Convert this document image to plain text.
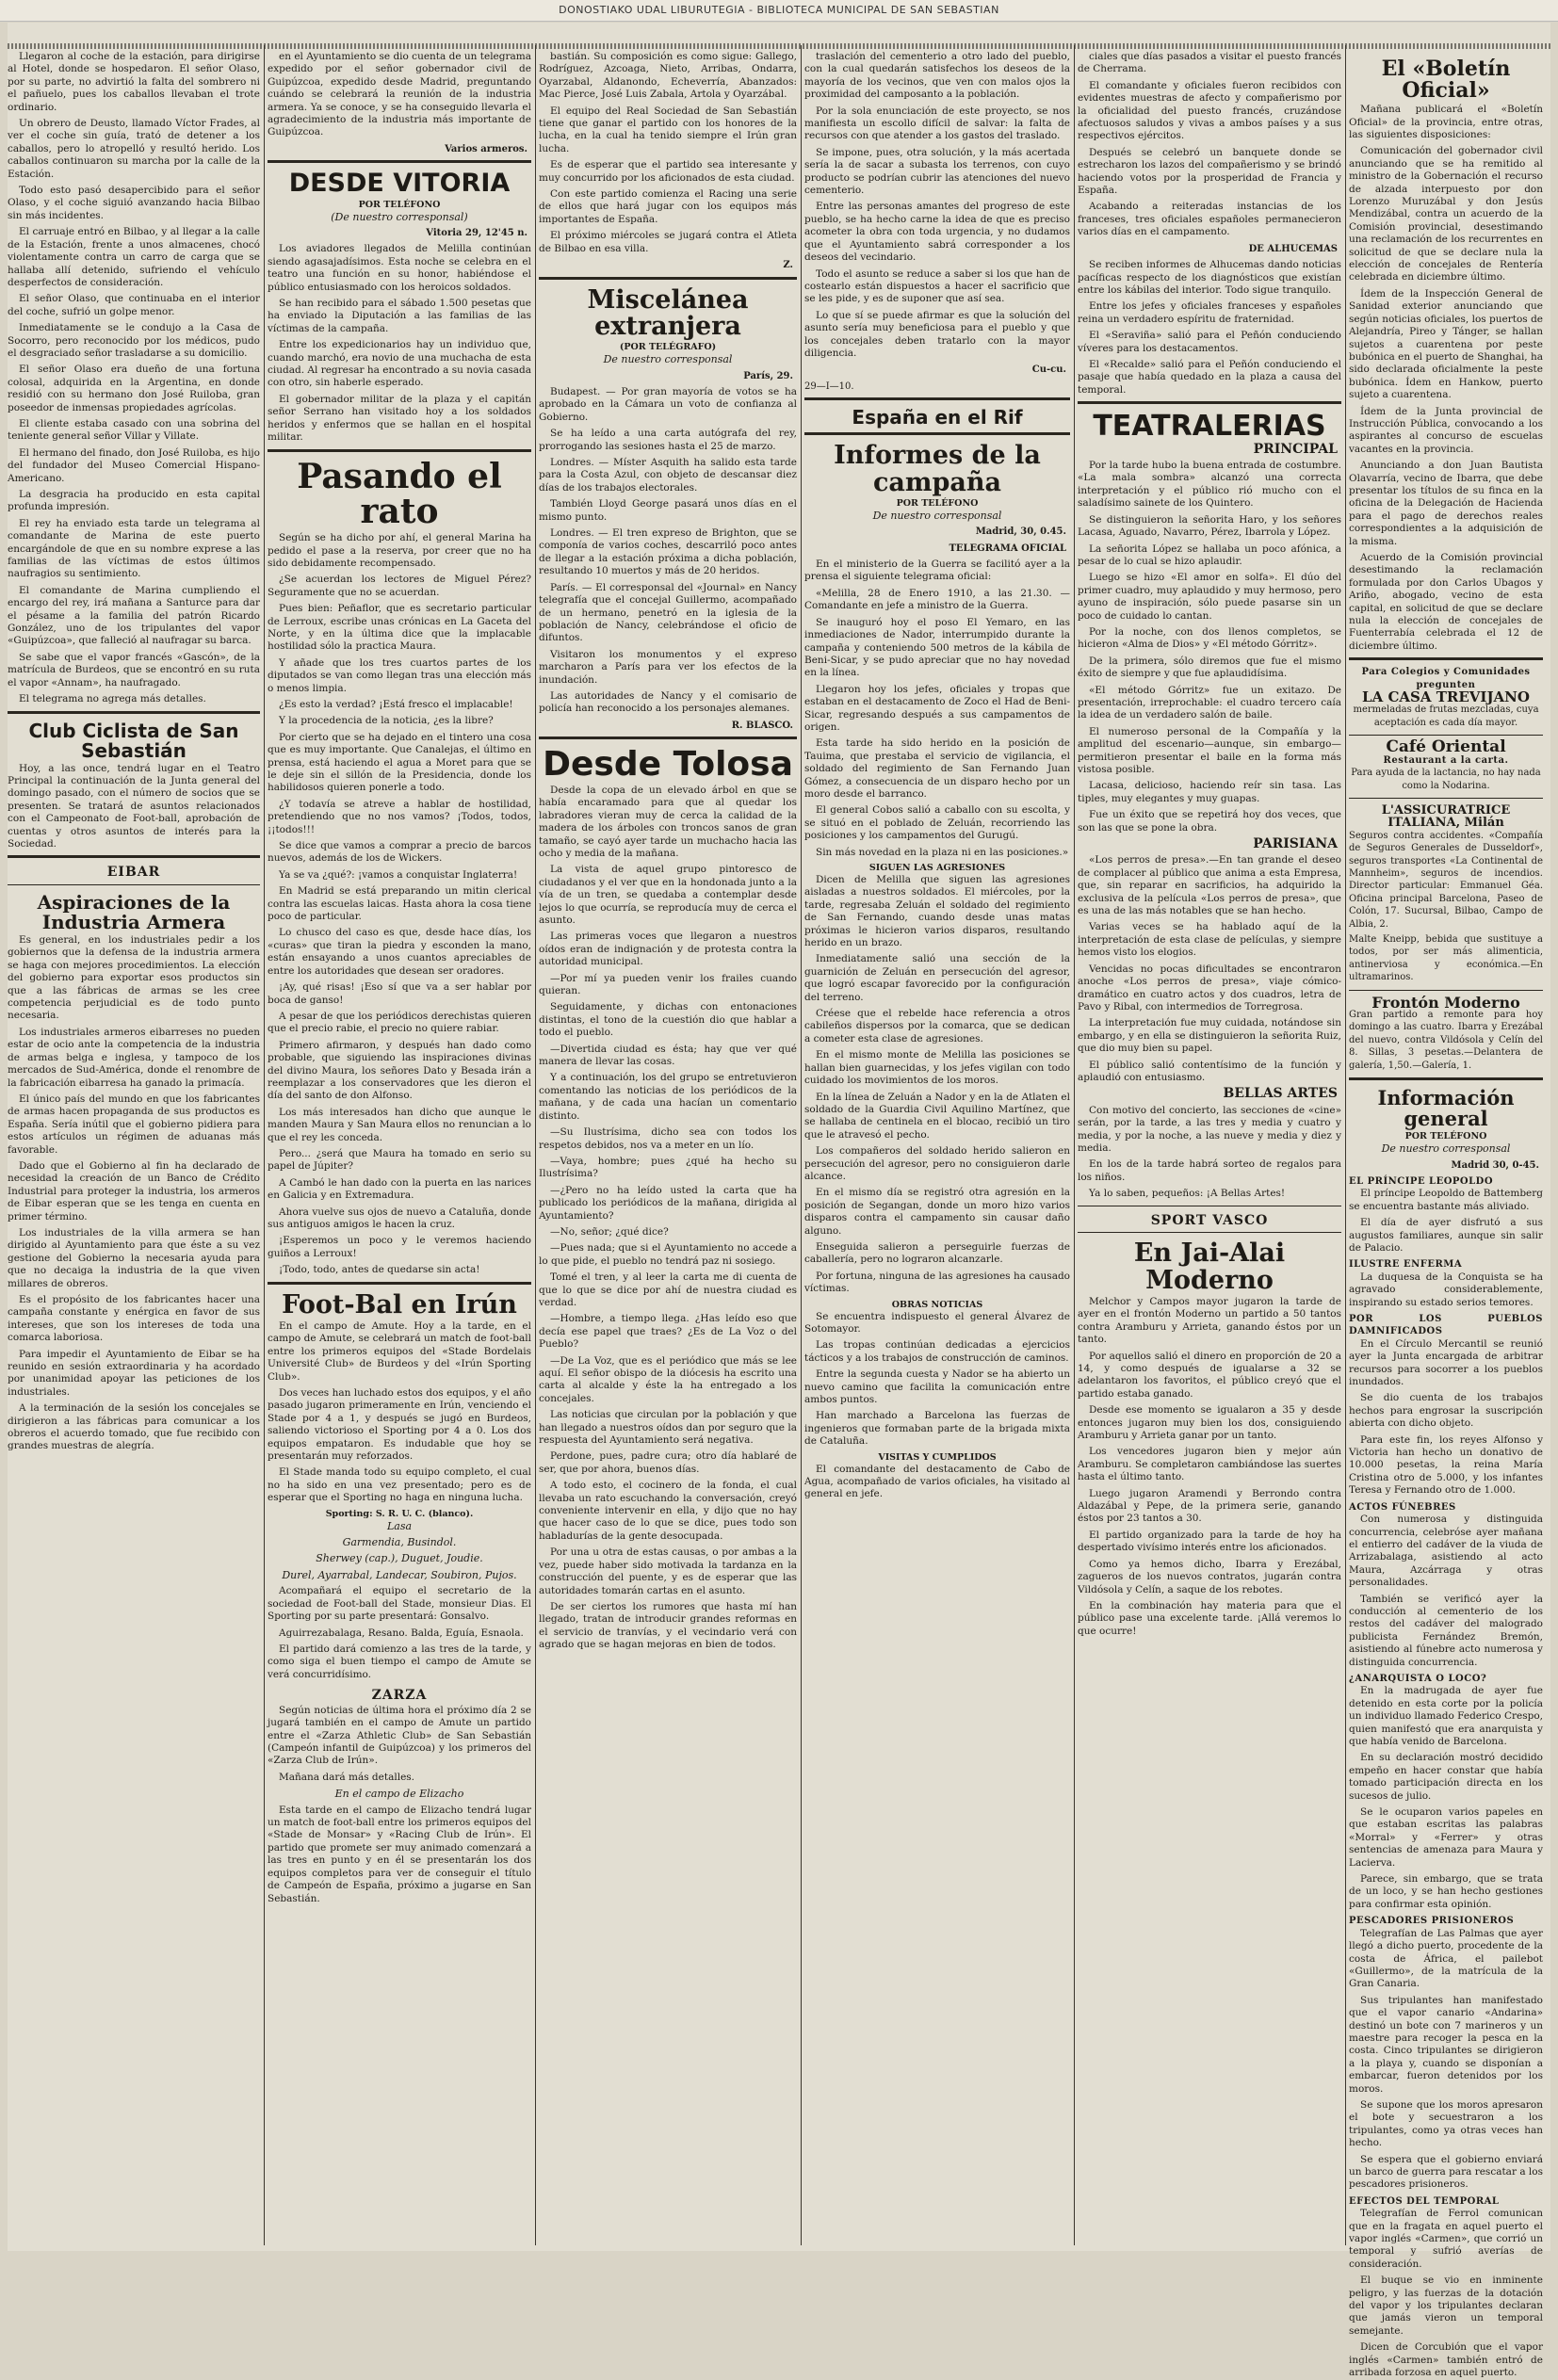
DONOSTIAKO UDAL LIBURUTEGIA - BIBLIOTECA MUNICIPAL DE SAN SEBASTIAN

Llegaron al coche de la estación, para dirigirse al Hotel, donde se hospedaron. El señor Olaso, por su parte, no advirtió la falta del sombrero ni el pañuelo, pues los caballos llevaban el trote ordinario.

Un obrero de Deusto, llamado Víctor Frades, al ver el coche sin guía, trató de detener a los caballos, pero lo atropelló y resultó herido. Los caballos continuaron su marcha por la calle de la Estación.

Todo esto pasó desapercibido para el señor Olaso, y el coche siguió avanzando hacia Bilbao sin más incidentes.

El carruaje entró en Bilbao, y al llegar a la calle de la Estación, frente a unos almacenes, chocó violentamente contra un carro de carga que se hallaba allí detenido, sufriendo el vehículo desperfectos de consideración.

El señor Olaso, que continuaba en el interior del coche, sufrió un golpe menor.

Inmediatamente se le condujo a la Casa de Socorro, pero reconocido por los médicos, pudo el desgraciado señor trasladarse a su domicilio.

El señor Olaso era dueño de una fortuna colosal, adquirida en la Argentina, en donde residió con su hermano don José Ruiloba, gran poseedor de inmensas propiedades agrícolas.

El cliente estaba casado con una sobrina del teniente general señor Villar y Villate.

El hermano del finado, don José Ruiloba, es hijo del fundador del Museo Comercial Hispano-Americano.

La desgracia ha producido en esta capital profunda impresión.

El rey ha enviado esta tarde un telegrama al comandante de Marina de este puerto encargándole de que en su nombre exprese a las familias de las víctimas de estos últimos naufragios su sentimiento.

El comandante de Marina cumpliendo el encargo del rey, irá mañana a Santurce para dar el pésame a la familia del patrón Ricardo González, uno de los tripulantes del vapor «Guipúzcoa», que falleció al naufragar su barca.

Se sabe que el vapor francés «Gascón», de la matrícula de Burdeos, que se encontró en su ruta el vapor «Annam», ha naufragado.

El telegrama no agrega más detalles.

Club Ciclista de San Sebastián

Hoy, a las once, tendrá lugar en el Teatro Principal la continuación de la Junta general del domingo pasado, con el número de socios que se presenten. Se tratará de asuntos relacionados con el Campeonato de Foot-ball, aprobación de cuentas y otros asuntos de interés para la Sociedad.

EIBAR
Aspiraciones de la Industria Armera

Es general, en los industriales pedir a los gobiernos que la defensa de la industria armera se haga con mejores procedimientos. La elección del gobierno para exportar esos productos sin que a las fábricas de armas se les cree competencia perjudicial es de todo punto necesaria.

Los industriales armeros eibarreses no pueden estar de ocio ante la competencia de la industria de armas belga e inglesa, y tampoco de los mercados de Sud-América, donde el renombre de la fabricación eibarresa ha ganado la primacía.

El único país del mundo en que los fabricantes de armas hacen propaganda de sus productos es España. Sería inútil que el gobierno pidiera para estos artículos un régimen de aduanas más favorable.

Dado que el Gobierno al fin ha declarado de necesidad la creación de un Banco de Crédito Industrial para proteger la industria, los armeros de Eibar esperan que se les tenga en cuenta en primer término.

Los industriales de la villa armera se han dirigido al Ayuntamiento para que éste a su vez gestione del Gobierno la necesaria ayuda para que no decaiga la industria de la que viven millares de obreros.

Es el propósito de los fabricantes hacer una campaña constante y enérgica en favor de sus intereses, que son los intereses de toda una comarca laboriosa.

Para impedir el Ayuntamiento de Eibar se ha reunido en sesión extraordinaria y ha acordado por unanimidad apoyar las peticiones de los industriales.

A la terminación de la sesión los concejales se dirigieron a las fábricas para comunicar a los obreros el acuerdo tomado, que fue recibido con grandes muestras de alegría.

en el Ayuntamiento se dio cuenta de un telegrama expedido por el señor gobernador civil de Guipúzcoa, expedido desde Madrid, preguntando cuándo se celebrará la reunión de la industria armera. Ya se conoce, y se ha conseguido llevarla el agradecimiento de la industria más importante de Guipúzcoa.

Varios armeros.
DESDE VITORIA
POR TELÉFONO
(De nuestro corresponsal)
Vitoria 29, 12'45 n.

Los aviadores llegados de Melilla continúan siendo agasajadísimos. Esta noche se celebra en el teatro una función en su honor, habiéndose el público entusiasmado con los heroicos soldados.

Se han recibido para el sábado 1.500 pesetas que ha enviado la Diputación a las familias de las víctimas de la campaña.

Entre los expedicionarios hay un individuo que, cuando marchó, era novio de una muchacha de esta ciudad. Al regresar ha encontrado a su novia casada con otro, sin haberle esperado.

El gobernador militar de la plaza y el capitán señor Serrano han visitado hoy a los soldados heridos y enfermos que se hallan en el hospital militar.

Pasando el rato

Según se ha dicho por ahí, el general Marina ha pedido el pase a la reserva, por creer que no ha sido debidamente recompensado.

¿Se acuerdan los lectores de Miguel Pérez? Seguramente que no se acuerdan.

Pues bien: Peñaflor, que es secretario particular de Lerroux, escribe unas crónicas en La Gaceta del Norte, y en la última dice que la implacable hostilidad sólo la practica Maura.

Y añade que los tres cuartos partes de los diputados se van como llegan tras una elección más o menos limpia.

¿Es esto la verdad? ¡Está fresco el implacable!

Y la procedencia de la noticia, ¿es la libre?

Por cierto que se ha dejado en el tintero una cosa que es muy importante. Que Canalejas, el último en prensa, está haciendo el agua a Moret para que se le deje sin el sillón de la Presidencia, donde los habilidosos quieren ponerle a todo.

¿Y todavía se atreve a hablar de hostilidad, pretendiendo que no nos vamos? ¡Todos, todos, ¡¡todos!!!

Se dice que vamos a comprar a precio de barcos nuevos, además de los de Wickers.

Ya se va ¿qué?: ¡vamos a conquistar Inglaterra!

En Madrid se está preparando un mitin clerical contra las escuelas laicas. Hasta ahora la cosa tiene poco de particular.

Lo chusco del caso es que, desde hace días, los «curas» que tiran la piedra y esconden la mano, están ensayando a unos cuantos apreciables de entre los autoridades que desean ser oradores.

¡Ay, qué risas! ¡Eso sí que va a ser hablar por boca de ganso!

A pesar de que los periódicos derechistas quieren que el precio rabie, el precio no quiere rabiar.

Primero afirmaron, y después han dado como probable, que siguiendo las inspiraciones divinas del divino Maura, los señores Dato y Besada irán a reemplazar a los conservadores que les dieron el día del santo de don Alfonso.

Los más interesados han dicho que aunque le manden Maura y San Maura ellos no renuncian a lo que el rey les conceda.

Pero... ¿será que Maura ha tomado en serio su papel de Júpiter?

A Cambó le han dado con la puerta en las narices en Galicia y en Extremadura.

Ahora vuelve sus ojos de nuevo a Cataluña, donde sus antiguos amigos le hacen la cruz.

¡Esperemos un poco y le veremos haciendo guiños a Lerroux!

¡Todo, todo, antes de quedarse sin acta!

Foot-Bal en Irún

En el campo de Amute. Hoy a la tarde, en el campo de Amute, se celebrará un match de foot-ball entre los primeros equipos del «Stade Bordelais Université Club» de Burdeos y del «Irún Sporting Club».

Dos veces han luchado estos dos equipos, y el año pasado jugaron primeramente en Irún, venciendo el Stade por 4 a 1, y después se jugó en Burdeos, saliendo victorioso el Sporting por 4 a 0. Los dos equipos empataron. Es indudable que hoy se presentarán muy reforzados.

El Stade manda todo su equipo completo, el cual no ha sido en una vez presentado; pero es de esperar que el Sporting no haga en ninguna lucha.

Sporting: S. R. U. C. (blanco).
Lasa
Garmendia, Busindol.
Sherwey (cap.), Duguet, Joudie.
Durel, Ayarrabal, Landecar, Soubiron, Pujos.

Acompañará el equipo el secretario de la sociedad de Foot-ball del Stade, monsieur Dias. El Sporting por su parte presentará: Gonsalvo.

Aguirrezabalaga, Resano. Balda, Eguía, Esnaola.

El partido dará comienzo a las tres de la tarde, y como siga el buen tiempo el campo de Amute se verá concurridísimo.

ZARZA

Según noticias de última hora el próximo día 2 se jugará también en el campo de Amute un partido entre el «Zarza Athletic Club» de San Sebastián (Campeón infantil de Guipúzcoa) y los primeros del «Zarza Club de Irún».

Mañana dará más detalles.

En el campo de Elizacho

Esta tarde en el campo de Elizacho tendrá lugar un match de foot-ball entre los primeros equipos del «Stade de Monsar» y «Racing Club de Irún». El partido que promete ser muy animado comenzará a las tres en punto y en él se presentarán los dos equipos completos para ver de conseguir el título de Campeón de España, próximo a jugarse en San Sebastián.

bastián. Su composición es como sigue: Gallego, Rodríguez, Azcoaga, Nieto, Arribas, Ondarra, Oyarzabal, Aldanondo, Echeverría, Abanzados: Mac Pierce, José Luis Zabala, Artola y Oyarzábal.

El equipo del Real Sociedad de San Sebastián tiene que ganar el partido con los honores de la lucha, en la cual ha tenido siempre el Irún gran lucha.

Es de esperar que el partido sea interesante y muy concurrido por los aficionados de esta ciudad.

Con este partido comienza el Racing una serie de ellos que hará jugar con los equipos más importantes de España.

El próximo miércoles se jugará contra el Atleta de Bilbao en esa villa.

Z.
Miscelánea extranjera
(POR TELÉGRAFO)
De nuestro corresponsal
París, 29.

Budapest. — Por gran mayoría de votos se ha aprobado en la Cámara un voto de confianza al Gobierno.

Se ha leído a una carta autógrafa del rey, prorrogando las sesiones hasta el 25 de marzo.

Londres. — Míster Asquith ha salido esta tarde para la Costa Azul, con objeto de descansar diez días de los trabajos electorales.

También Lloyd George pasará unos días en el mismo punto.

Londres. — El tren expreso de Brighton, que se componía de varios coches, descarriló poco antes de llegar a la estación próxima a dicha población, resultando 10 muertos y más de 20 heridos.

París. — El corresponsal del «Journal» en Nancy telegrafía que el concejal Guillermo, acompañado de un hermano, penetró en la iglesia de la población de Nancy, celebrándose el oficio de difuntos.

Visitaron los monumentos y el expreso marcharon a París para ver los efectos de la inundación.

Las autoridades de Nancy y el comisario de policía han reconocido a los personajes alemanes.

R. BLASCO.
Desde Tolosa

Desde la copa de un elevado árbol en que se había encaramado para que al quedar los labradores vieran muy de cerca la calidad de la madera de los árboles con troncos sanos de gran tamaño, se cayó ayer tarde un muchacho hacia las ocho y media de la mañana.

La vista de aquel grupo pintoresco de ciudadanos y el ver que en la hondonada junto a la vía de un tren, se quedaba a contemplar desde lejos lo que ocurría, se reproducía muy de cerca el asunto.

Las primeras voces que llegaron a nuestros oídos eran de indignación y de protesta contra la autoridad municipal.

—Por mí ya pueden venir los frailes cuando quieran.

Seguidamente, y dichas con entonaciones distintas, el tono de la cuestión dio que hablar a todo el pueblo.

—Divertida ciudad es ésta; hay que ver qué manera de llevar las cosas.

Y a continuación, los del grupo se entretuvieron comentando las noticias de los periódicos de la mañana, y de cada una hacían un comentario distinto.

—Su Ilustrísima, dicho sea con todos los respetos debidos, nos va a meter en un lío.

—Vaya, hombre; pues ¿qué ha hecho su Ilustrísima?

—¿Pero no ha leído usted la carta que ha publicado los periódicos de la mañana, dirigida al Ayuntamiento?

—No, señor; ¿qué dice?

—Pues nada; que si el Ayuntamiento no accede a lo que pide, el pueblo no tendrá paz ni sosiego.

Tomé el tren, y al leer la carta me di cuenta de que lo que se dice por ahí de nuestra ciudad es verdad.

—Hombre, a tiempo llega. ¿Has leído eso que decía ese papel que traes? ¿Es de La Voz o del Pueblo?

—De La Voz, que es el periódico que más se lee aquí. El señor obispo de la diócesis ha escrito una carta al alcalde y éste la ha entregado a los concejales.

Las noticias que circulan por la población y que han llegado a nuestros oídos dan por seguro que la respuesta del Ayuntamiento será negativa.

Perdone, pues, padre cura; otro día hablaré de ser, que por ahora, buenos días.

A todo esto, el cocinero de la fonda, el cual llevaba un rato escuchando la conversación, creyó conveniente intervenir en ella, y dijo que no hay que hacer caso de lo que se dice, pues todo son habladurías de la gente desocupada.

Por una u otra de estas causas, o por ambas a la vez, puede haber sido motivada la tardanza en la construcción del puente, y es de esperar que las autoridades tomarán cartas en el asunto.

De ser ciertos los rumores que hasta mí han llegado, tratan de introducir grandes reformas en el servicio de tranvías, y el vecindario verá con agrado que se hagan mejoras en bien de todos.

traslación del cementerio a otro lado del pueblo, con la cual quedarán satisfechos los deseos de la mayoría de los vecinos, que ven con malos ojos la proximidad del camposanto a la población.

Por la sola enunciación de este proyecto, se nos manifiesta un escollo difícil de salvar: la falta de recursos con que atender a los gastos del traslado.

Se impone, pues, otra solución, y la más acertada sería la de sacar a subasta los terrenos, con cuyo producto se podrían cubrir las atenciones del nuevo cementerio.

Entre las personas amantes del progreso de este pueblo, se ha hecho carne la idea de que es preciso acometer la obra con toda urgencia, y no dudamos que el Ayuntamiento sabrá corresponder a los deseos del vecindario.

Todo el asunto se reduce a saber si los que han de costearlo están dispuestos a hacer el sacrificio que se les pide, y es de suponer que así sea.

Lo que sí se puede afirmar es que la solución del asunto sería muy beneficiosa para el pueblo y que los concejales deben tratarlo con la mayor diligencia.

Cu-cu.
29—I—10.
España en el Rif
Informes de la campaña
POR TELÉFONO
De nuestro corresponsal
Madrid, 30, 0.45.
TELEGRAMA OFICIAL

En el ministerio de la Guerra se facilitó ayer a la prensa el siguiente telegrama oficial:

«Melilla, 28 de Enero 1910, a las 21.30. —Comandante en jefe a ministro de la Guerra.

Se inauguró hoy el poso El Yemaro, en las inmediaciones de Nador, interrumpido durante la campaña y conteniendo 500 metros de la kábila de Beni-Sicar, y se pudo apreciar que no hay novedad en la línea.

Llegaron hoy los jefes, oficiales y tropas que estaban en el destacamento de Zoco el Had de Beni-Sicar, regresando después a sus campamentos de origen.

Esta tarde ha sido herido en la posición de Tauima, que prestaba el servicio de vigilancia, el soldado del regimiento de San Fernando Juan Gómez, a consecuencia de un disparo hecho por un moro desde el barranco.

El general Cobos salió a caballo con su escolta, y se situó en el poblado de Zeluán, recorriendo las posiciones y los campamentos del Gurugú.

Sin más novedad en la plaza ni en las posiciones.»

SIGUEN LAS AGRESIONES

Dicen de Melilla que siguen las agresiones aisladas a nuestros soldados. El miércoles, por la tarde, regresaba Zeluán el soldado del regimiento de San Fernando, cuando desde unas matas próximas le hicieron varios disparos, resultando herido en un brazo.

Inmediatamente salió una sección de la guarnición de Zeluán en persecución del agresor, que logró escapar favorecido por la configuración del terreno.

Créese que el rebelde hace referencia a otros cabileños dispersos por la comarca, que se dedican a cometer esta clase de agresiones.

En el mismo monte de Melilla las posiciones se hallan bien guarnecidas, y los jefes vigilan con todo cuidado los movimientos de los moros.

En la línea de Zeluán a Nador y en la de Atlaten el soldado de la Guardia Civil Aquilino Martínez, que se hallaba de centinela en el blocao, recibió un tiro que le atravesó el pecho.

Los compañeros del soldado herido salieron en persecución del agresor, pero no consiguieron darle alcance.

En el mismo día se registró otra agresión en la posición de Segangan, donde un moro hizo varios disparos contra el campamento sin causar daño alguno.

Enseguida salieron a perseguirle fuerzas de caballería, pero no lograron alcanzarle.

Por fortuna, ninguna de las agresiones ha causado víctimas.

OBRAS NOTICIAS

Se encuentra indispuesto el general Álvarez de Sotomayor.

Las tropas continúan dedicadas a ejercicios tácticos y a los trabajos de construcción de caminos.

Entre la segunda cuesta y Nador se ha abierto un nuevo camino que facilita la comunicación entre ambos puntos.

Han marchado a Barcelona las fuerzas de ingenieros que formaban parte de la brigada mixta de Cataluña.

VISITAS Y CUMPLIDOS

El comandante del destacamento de Cabo de Agua, acompañado de varios oficiales, ha visitado al general en jefe.

ciales que días pasados a visitar el puesto francés de Cherrama.

El comandante y oficiales fueron recibidos con evidentes muestras de afecto y compañerismo por la oficialidad del puesto francés, cruzándose afectuosos saludos y vivas a ambos países y a sus respectivos ejércitos.

Después se celebró un banquete donde se estrecharon los lazos del compañerismo y se brindó haciendo votos por la prosperidad de Francia y España.

Acabando a reiteradas instancias de los franceses, tres oficiales españoles permanecieron varios días en el campamento.

DE ALHUCEMAS

Se reciben informes de Alhucemas dando noticias pacíficas respecto de los diagnósticos que existían entre los kábilas del interior. Todo sigue tranquilo.

Entre los jefes y oficiales franceses y españoles reina un verdadero espíritu de fraternidad.

El «Seraviña» salió para el Peñón conduciendo víveres para los destacamentos.

El «Recalde» salió para el Peñón conduciendo el pasaje que había quedado en la plaza a causa del temporal.

TEATRALERIAS
PRINCIPAL

Por la tarde hubo la buena entrada de costumbre. «La mala sombra» alcanzó una correcta interpretación y el público rió mucho con el saladísimo sainete de los Quintero.

Se distinguieron la señorita Haro, y los señores Lacasa, Aguado, Navarro, Pérez, Ibarrola y López.

La señorita López se hallaba un poco afónica, a pesar de lo cual se hizo aplaudir.

Luego se hizo «El amor en solfa». El dúo del primer cuadro, muy aplaudido y muy hermoso, pero ayuno de inspiración, sólo puede pasarse sin un poco de cuidado lo cantan.

Por la noche, con dos llenos completos, se hicieron «Alma de Dios» y «El método Górritz».

De la primera, sólo diremos que fue el mismo éxito de siempre y que fue aplaudidísima.

«El método Górritz» fue un exitazo. De presentación, irreprochable: el cuadro tercero caía la idea de un verdadero salón de baile.

El numeroso personal de la Compañía y la amplitud del escenario—aunque, sin embargo—permitieron presentar el baile en la forma más vistosa posible.

Lacasa, delicioso, haciendo reír sin tasa. Las tiples, muy elegantes y muy guapas.

Fue un éxito que se repetirá hoy dos veces, que son las que se pone la obra.

PARISIANA

«Los perros de presa».—En tan grande el deseo de complacer al público que anima a esta Empresa, que, sin reparar en sacrificios, ha adquirido la exclusiva de la película «Los perros de presa», que es una de las más notables que se han hecho.

Varias veces se ha hablado aquí de la interpretación de esta clase de películas, y siempre hemos visto los elogios.

Vencidas no pocas dificultades se encontraron anoche «Los perros de presa», viaje cómico-dramático en cuatro actos y dos cuadros, letra de Pavo y Ribal, con intermedios de Torregrosa.

La interpretación fue muy cuidada, notándose sin embargo, y en ella se distinguieron la señorita Ruiz, que dio muy bien su papel.

El público salió contentísimo de la función y aplaudió con entusiasmo.

BELLAS ARTES

Con motivo del concierto, las secciones de «cine» serán, por la tarde, a las tres y media y cuatro y media, y por la noche, a las nueve y media y diez y media.

En los de la tarde habrá sorteo de regalos para los niños.

Ya lo saben, pequeños: ¡A Bellas Artes!

SPORT VASCO
En Jai-Alai Moderno

Melchor y Campos mayor jugaron la tarde de ayer en el frontón Moderno un partido a 50 tantos contra Aramburu y Arrieta, ganando éstos por un tanto.

Por aquellos salió el dinero en proporción de 20 a 14, y como después de igualarse a 32 se adelantaron los favoritos, el público creyó que el partido estaba ganado.

Desde ese momento se igualaron a 35 y desde entonces jugaron muy bien los dos, consiguiendo Aramburu y Arrieta ganar por un tanto.

Los vencedores jugaron bien y mejor aún Aramburu. Se completaron cambiándose las suertes hasta el último tanto.

Luego jugaron Aramendi y Berrondo contra Aldazábal y Pepe, de la primera serie, ganando éstos por 23 tantos a 30.

El partido organizado para la tarde de hoy ha despertado vivísimo interés entre los aficionados.

Como ya hemos dicho, Ibarra y Erezábal, zagueros de los nuevos contratos, jugarán contra Vildósola y Celín, a saque de los rebotes.

En la combinación hay materia para que el público pase una excelente tarde. ¡Allá veremos lo que ocurre!

El «Boletín Oficial»

Mañana publicará el «Boletín Oficial» de la provincia, entre otras, las siguientes disposiciones:

Comunicación del gobernador civil anunciando que se ha remitido al ministro de la Gobernación el recurso de alzada interpuesto por don Lorenzo Muruzábal y don Jesús Mendizábal, contra un acuerdo de la Comisión provincial, desestimando una reclamación de los recurrentes en solicitud de que se declare nula la elección de concejales de Rentería celebrada en diciembre último.

Ídem de la Inspección General de Sanidad exterior anunciando que según noticias oficiales, los puertos de Alejandría, Pireo y Tánger, se hallan sujetos a cuarentena por peste bubónica en el puerto de Shanghai, ha sido declarada oficialmente la peste bubónica. Ídem en Hankow, puerto sujeto a cuarentena.

Ídem de la Junta provincial de Instrucción Pública, convocando a los aspirantes al concurso de escuelas vacantes en la provincia.

Anunciando a don Juan Bautista Olavarría, vecino de Ibarra, que debe presentar los títulos de su finca en la oficina de la Delegación de Hacienda para el pago de derechos reales correspondientes a la adquisición de la misma.

Acuerdo de la Comisión provincial desestimando la reclamación formulada por don Carlos Ubagos y Ariño, abogado, vecino de esta capital, en solicitud de que se declare nula la elección de concejales de Fuenterrabía celebrada el 12 de diciembre último.

Para Colegios y Comunidades pregunten
LA CASA TREVIJANO
mermeladas de frutas mezcladas, cuya aceptación es cada día mayor.
Café Oriental
Restaurant a la carta.
Para ayuda de la lactancia, no hay nada como la Nodarina.
L'ASSICURATRICE ITALIANA, Milán
Seguros contra accidentes. «Compañía de Seguros Generales de Dusseldorf», seguros transportes «La Continental de Mannheim», seguros de incendios. Director particular: Emmanuel Géa. Oficina principal Barcelona, Paseo de Colón, 17. Sucursal, Bilbao, Campo de Albia, 2.
Malte Kneipp, bebida que sustituye a todos, por ser más alimenticia, antinerviosa y económica.—En ultramarinos.
Frontón Moderno
Gran partido a remonte para hoy domingo a las cuatro. Ibarra y Erezábal del nuevo, contra Vildósola y Celín del 8. Sillas, 3 pesetas.—Delantera de galería, 1,50.—Galería, 1.
Información general
POR TELÉFONO
De nuestro corresponsal
Madrid 30, 0-45.
EL PRÍNCIPE LEOPOLDO

El príncipe Leopoldo de Battemberg se encuentra bastante más aliviado.

El día de ayer disfrutó a sus augustos familiares, aunque sin salir de Palacio.

ILUSTRE ENFERMA

La duquesa de la Conquista se ha agravado considerablemente, inspirando su estado serios temores.

POR LOS PUEBLOS DAMNIFICADOS

En el Círculo Mercantil se reunió ayer la Junta encargada de arbitrar recursos para socorrer a los pueblos inundados.

Se dio cuenta de los trabajos hechos para engrosar la suscripción abierta con dicho objeto.

Para este fin, los reyes Alfonso y Victoria han hecho un donativo de 10.000 pesetas, la reina María Cristina otro de 5.000, y los infantes Teresa y Fernando otro de 1.000.

ACTOS FÚNEBRES

Con numerosa y distinguida concurrencia, celebróse ayer mañana el entierro del cadáver de la viuda de Arrizabalaga, asistiendo al acto Maura, Azcárraga y otras personalidades.

También se verificó ayer la conducción al cementerio de los restos del cadáver del malogrado publicista Fernández Bremón, asistiendo al fúnebre acto numerosa y distinguida concurrencia.

¿ANARQUISTA O LOCO?

En la madrugada de ayer fue detenido en esta corte por la policía un individuo llamado Federico Crespo, quien manifestó que era anarquista y que había venido de Barcelona.

En su declaración mostró decidido empeño en hacer constar que había tomado participación directa en los sucesos de julio.

Se le ocuparon varios papeles en que estaban escritas las palabras «Morral» y «Ferrer» y otras sentencias de amenaza para Maura y Lacierva.

Parece, sin embargo, que se trata de un loco, y se han hecho gestiones para confirmar esta opinión.

PESCADORES PRISIONEROS

Telegrafían de Las Palmas que ayer llegó a dicho puerto, procedente de la costa de África, el pailebot «Guillermo», de la matrícula de la Gran Canaria.

Sus tripulantes han manifestado que el vapor canario «Andarina» destinó un bote con 7 marineros y un maestre para recoger la pesca en la costa. Cinco tripulantes se dirigieron a la playa y, cuando se disponían a embarcar, fueron detenidos por los moros.

Se supone que los moros apresaron el bote y secuestraron a los tripulantes, como ya otras veces han hecho.

Se espera que el gobierno enviará un barco de guerra para rescatar a los pescadores prisioneros.

EFECTOS DEL TEMPORAL

Telegrafían de Ferrol comunican que en la fragata en aquel puerto el vapor inglés «Carmen», que corrió un temporal y sufrió averías de consideración.

El buque se vio en inminente peligro, y las fuerzas de la dotación del vapor y los tripulantes declaran que jamás vieron un temporal semejante.

Dicen de Corcubión que el vapor inglés «Carmen» también entró de arribada forzosa en aquel puerto.
